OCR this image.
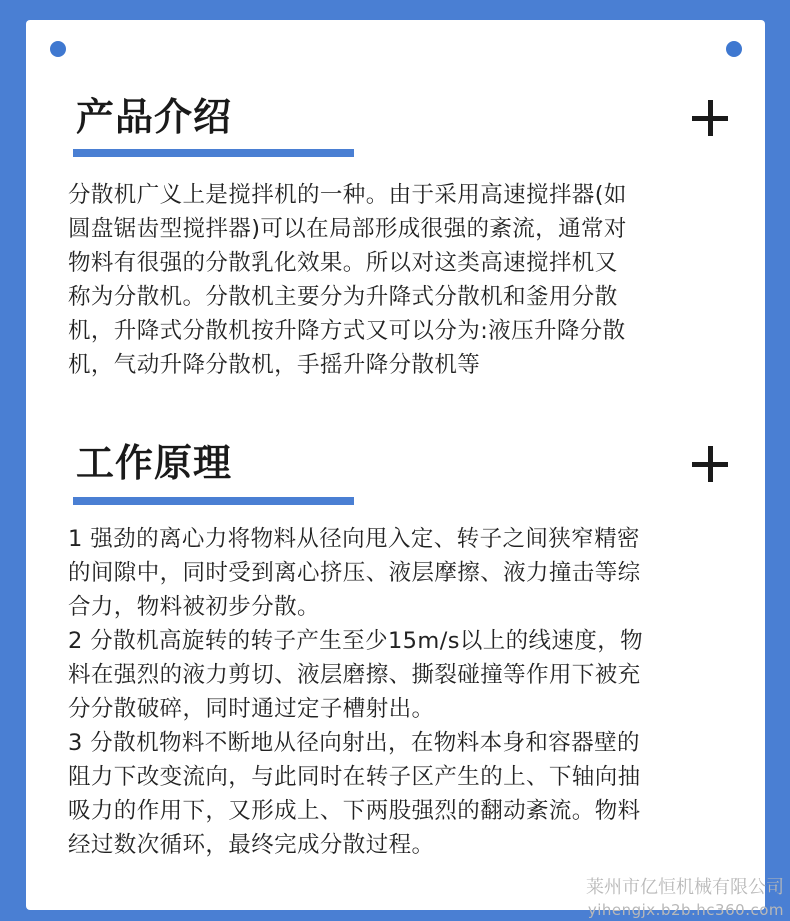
产品介绍

分散机广义上是搅拌机的一种。由于采用高速搅拌器(如
圆盘锯齿型搅拌器)可以在局部形成很强的紊流，通常对
物料有很强的分散乳化效果。所以对这类高速搅拌机又
称为分散机。分散机主要分为升降式分散机和釜用分散
机，升降式分散机按升降方式又可以分为:液压升降分散
机，气动升降分散机，手摇升降分散机等

工作原理

1 强劲的离心力将物料从径向甩入定、转子之间狭窄精密
的间隙中，同时受到离心挤压、液层摩擦、液力撞击等综
合力，物料被初步分散。
2 分散机高旋转的转子产生至少15m/s以上的线速度，物
料在强烈的液力剪切、液层磨擦、撕裂碰撞等作用下被充
分分散破碎，同时通过定子槽射出。
3 分散机物料不断地从径向射出，在物料本身和容器壁的
阻力下改变流向，与此同时在转子区产生的上、下轴向抽
吸力的作用下，又形成上、下两股强烈的翻动紊流。物料
经过数次循环，最终完成分散过程。

莱州市亿恒机械有限公司
yihengjx.b2b.hc360.com
